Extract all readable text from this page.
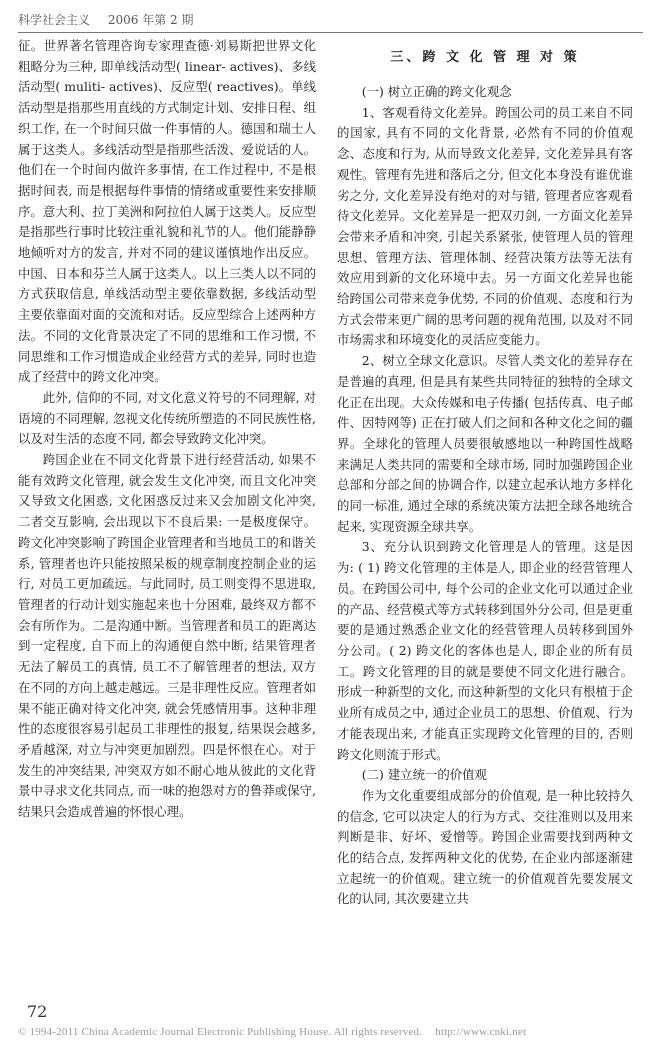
科学社会主义 2006 年第 2 期

征。世界著名管理咨询专家理查德·刘易斯把世界文化粗略分为三种, 即单线活动型( linear- actives)、多线活动型( muliti- actives)、反应型( reactives)。单线活动型是指那些用直线的方式制定计划、安排日程、组织工作, 在一个时间只做一件事情的人。德国和瑞士人属于这类人。多线活动型是指那些活泼、爱说话的人。他们在一个时间内做许多事情, 在工作过程中, 不是根据时间表, 而是根据每件事情的情绪或重要性来安排顺序。意大利、拉丁美洲和阿拉伯人属于这类人。反应型是指那些行事时比较注重礼貌和礼节的人。他们能静静地倾听对方的发言, 并对不同的建议谨慎地作出反应。中国、日本和芬兰人属于这类人。以上三类人以不同的方式获取信息, 单线活动型主要依靠数据, 多线活动型主要依靠面对面的交流和对话。反应型综合上述两种方法。不同的文化背景决定了不同的思维和工作习惯, 不同思维和工作习惯造成企业经营方式的差异, 同时也造成了经营中的跨文化冲突。

此外, 信仰的不同, 对文化意义符号的不同理解, 对语境的不同理解, 忽视文化传统所塑造的不同民族性格, 以及对生活的态度不同, 都会导致跨文化冲突。

跨国企业在不同文化背景下进行经营活动, 如果不能有效跨文化管理, 就会发生文化冲突, 而且文化冲突又导致文化困惑, 文化困惑反过来又会加剧文化冲突, 二者交互影响, 会出现以下不良后果: 一是极度保守。跨文化冲突影响了跨国企业管理者和当地员工的和谐关系, 管理者也许只能按照呆板的规章制度控制企业的运行, 对员工更加疏远。与此同时, 员工则变得不思进取, 管理者的行动计划实施起来也十分困难, 最终双方都不会有所作为。二是沟通中断。当管理者和员工的距离达到一定程度, 自下而上的沟通便自然中断, 结果管理者无法了解员工的真情, 员工不了解管理者的想法, 双方在不同的方向上越走越远。三是非理性反应。管理者如果不能正确对待文化冲突, 就会凭感情用事。这种非理性的态度很容易引起员工非理性的报复, 结果误会越多, 矛盾越深, 对立与冲突更加剧烈。四是怀恨在心。对于发生的冲突结果, 冲突双方如不耐心地从彼此的文化背景中寻求文化共同点, 而一味的抱怨对方的鲁莽或保守, 结果只会造成普遍的怀恨心理。

三、跨 文 化 管 理 对 策

(一) 树立正确的跨文化观念

1、客观看待文化差异。跨国公司的员工来自不同的国家, 具有不同的文化背景, 必然有不同的价值观念、态度和行为, 从而导致文化差异, 文化差异具有客观性。管理有先进和落后之分, 但文化本身没有谁优谁劣之分, 文化差异没有绝对的对与错, 管理者应客观看待文化差异。文化差异是一把双刃剑, 一方面文化差异会带来矛盾和冲突, 引起关系紧张, 使管理人员的管理思想、管理方法、管理体制、经营决策方法等无法有效应用到新的文化环境中去。另一方面文化差异也能给跨国公司带来竞争优势, 不同的价值观、态度和行为方式会带来更广阔的思考问题的视角范围, 以及对不同市场需求和环境变化的灵活应变能力。

2、树立全球文化意识。尽管人类文化的差异存在是普遍的真理, 但是具有某些共同特征的独特的全球文化正在出现。大众传媒和电子传播( 包括传真、电子邮件、因特网等) 正在打破人们之间和各种文化之间的疆界。全球化的管理人员要很敏感地以一种跨国性战略来满足人类共同的需要和全球市场, 同时加强跨国企业总部和分部之间的协调合作, 以建立起承认地方多样化的同一标准, 通过全球的系统决策方法把全球各地统合起来, 实现资源全球共享。

3、充分认识到跨文化管理是人的管理。这是因为: ( 1) 跨文化管理的主体是人, 即企业的经营管理人员。在跨国公司中, 每个公司的企业文化可以通过企业的产品、经营模式等方式转移到国外分公司, 但是更重要的是通过熟悉企业文化的经营管理人员转移到国外分公司。( 2) 跨文化的客体也是人, 即企业的所有员工。跨文化管理的目的就是要使不同文化进行融合。形成一种新型的文化, 而这种新型的文化只有根植于企业所有成员之中, 通过企业员工的思想、价值观、行为才能表现出来, 才能真正实现跨文化管理的目的, 否则跨文化则流于形式。

(二) 建立统一的价值观

作为文化重要组成部分的价值观, 是一种比较持久的信念, 它可以决定人的行为方式、交往准则以及用来判断是非、好坏、爱憎等。跨国企业需要找到两种文化的结合点, 发挥两种文化的优势, 在企业内部逐渐建立起统一的价值观。建立统一的价值观首先要发展文化的认同, 其次要建立共

72
© 1994-2011 China Academic Journal Electronic Publishing House. All rights reserved. http://www.cnki.net
